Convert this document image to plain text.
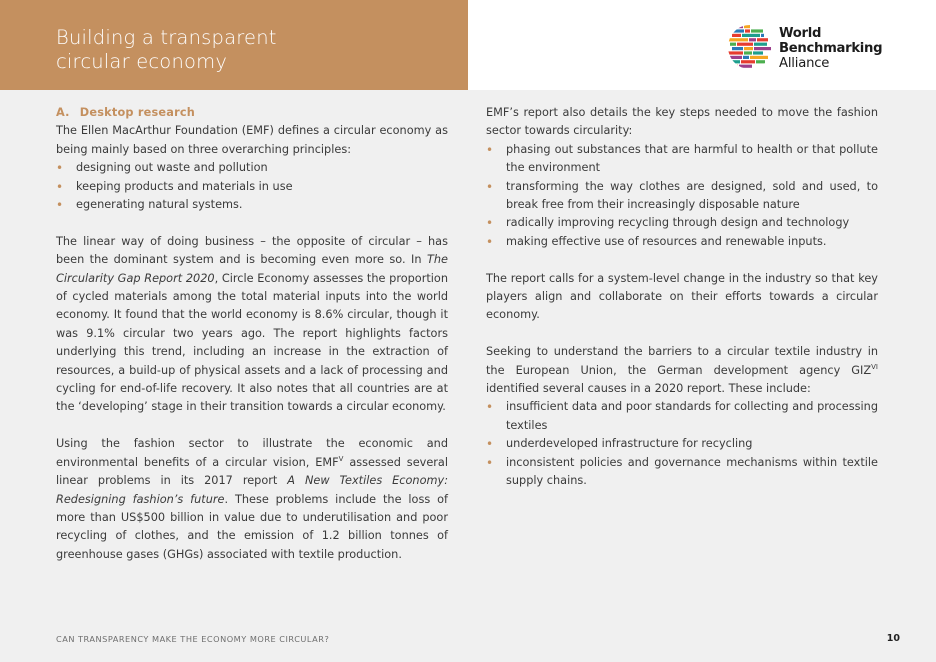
Building a transparent
circular economy
World
Benchmarking
Alliance
A. Desktop research

The Ellen MacArthur Foundation (EMF) defines a circular economy as being mainly based on three overarching principles:

• designing out waste and pollution
• keeping products and materials in use
• egenerating natural systems.

The linear way of doing business – the opposite of circular – has been the dominant system and is becoming even more so. In The Circularity Gap Report 2020, Circle Economy assesses the proportion of cycled materials among the total material inputs into the world economy. It found that the world economy is 8.6% circular, though it was 9.1% circular two years ago. The report highlights factors underlying this trend, including an increase in the extraction of resources, a build-up of physical assets and a lack of processing and cycling for end-of-life recovery. It also notes that all countries are at the ‘developing’ stage in their transition towards a circular economy.

Using the fashion sector to illustrate the economic and environmental benefits of a circular vision, $EMF^V$ assessed several linear problems in its 2017 report A New Textiles Economy: Redesigning fashion’s future. These problems include the loss of more than US$500 billion in value due to underutilisation and poor recycling of clothes, and the emission of 1.2 billion tonnes of greenhouse gases (GHGs) associated with textile production.

EMF’s report also details the key steps needed to move the fashion sector towards circularity:

• phasing out substances that are harmful to health or that pollute the environment
• transforming the way clothes are designed, sold and used, to break free from their increasingly disposable nature
• radically improving recycling through design and technology
• making effective use of resources and renewable inputs.

The report calls for a system-level change in the industry so that key players align and collaborate on their efforts towards a circular economy.

Seeking to understand the barriers to a circular textile industry in the European Union, the German development agency $GIZ^{VI}$ identified several causes in a 2020 report. These include:

• insufficient data and poor standards for collecting and processing textiles
• underdeveloped infrastructure for recycling
• inconsistent policies and governance mechanisms within textile supply chains.
CAN TRANSPARENCY MAKE THE ECONOMY MORE CIRCULAR?	10
